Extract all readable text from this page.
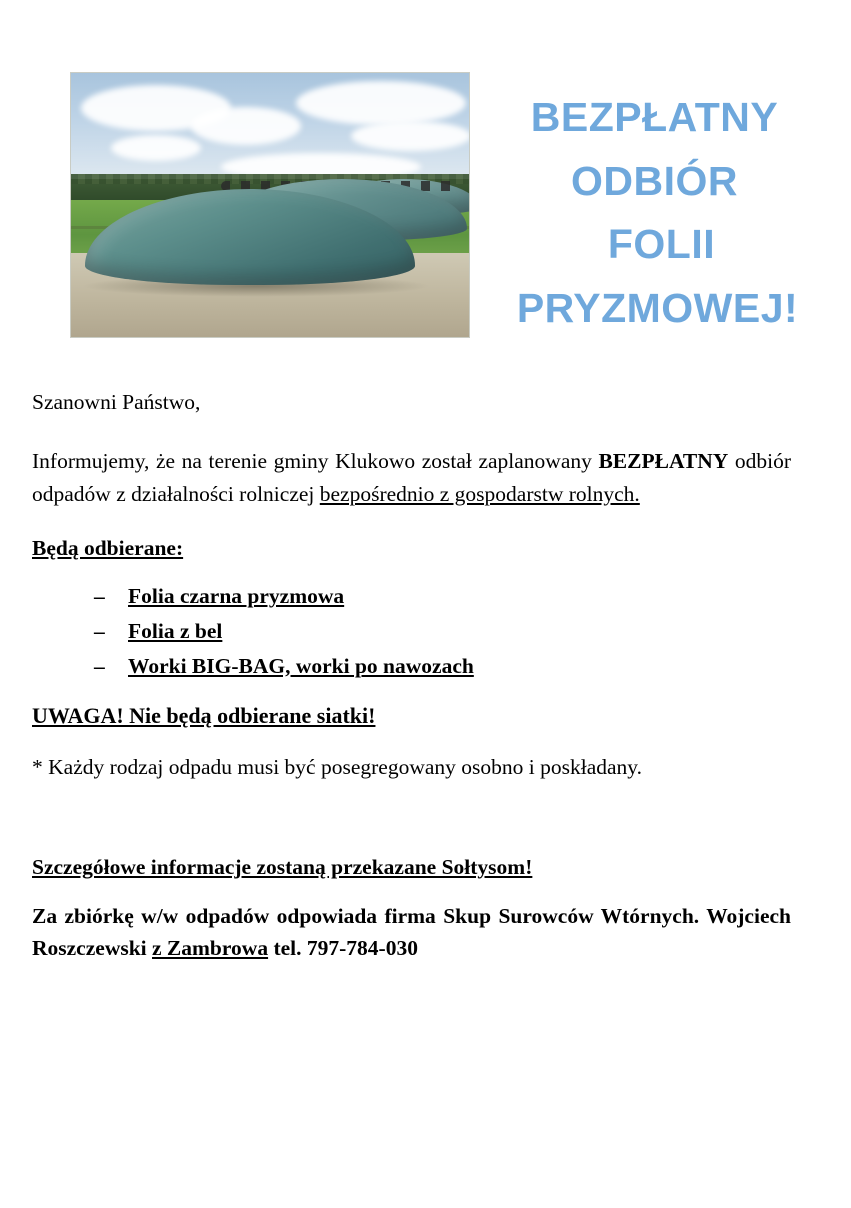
BEZPŁATNY
ODBIÓR
FOLII
PRYZMOWEJ!

Szanowni Państwo,

Informujemy, że na terenie gminy Klukowo został zaplanowany BEZPŁATNY odbiór odpadów z działalności rolniczej bezpośrednio z gospodarstw rolnych.

Będą odbierane:

– Folia czarna pryzmowa
– Folia z bel
– Worki BIG-BAG, worki po nawozach

UWAGA! Nie będą odbierane siatki!

* Każdy rodzaj odpadu musi być posegregowany osobno i poskładany.

Szczegółowe informacje zostaną przekazane Sołtysom!

Za zbiórkę w/w odpadów odpowiada firma Skup Surowców Wtórnych. Wojciech Roszczewski z Zambrowa tel. 797-784-030
